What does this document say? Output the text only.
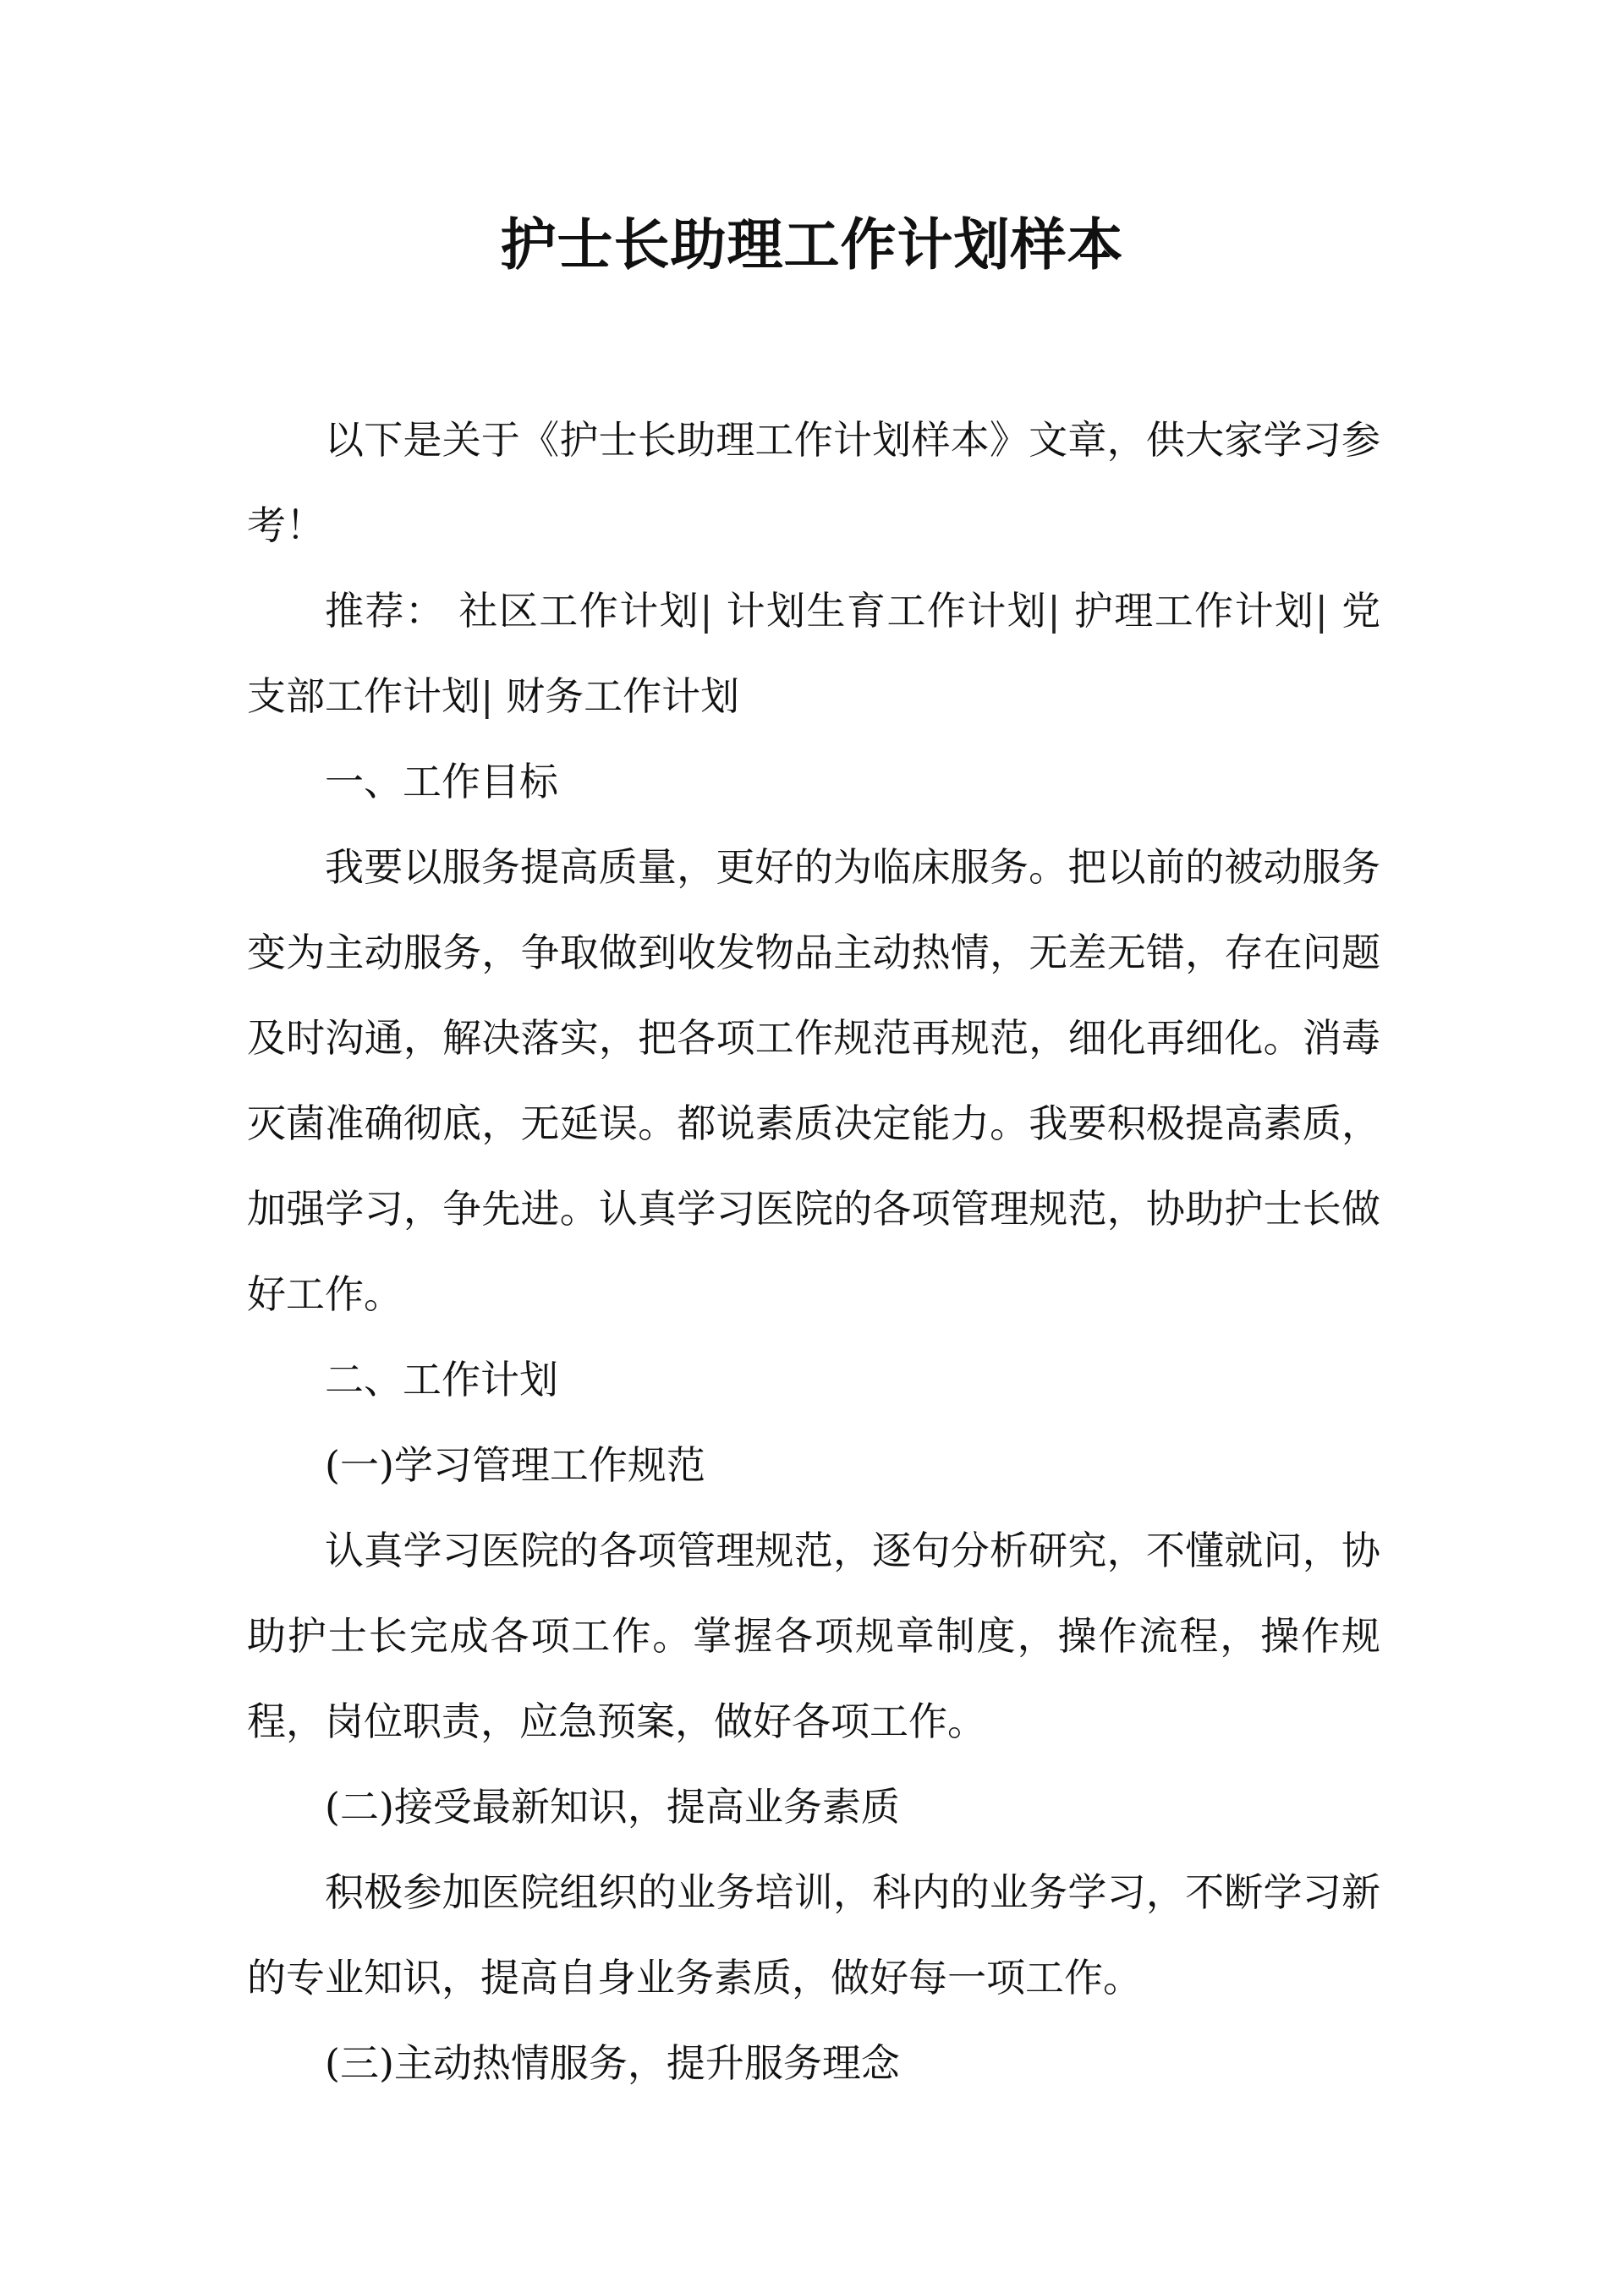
护士长助理工作计划样本

以下是关于《护士长助理工作计划样本》文章，供大家学习参考！

推荐： 社区工作计划| 计划生育工作计划| 护理工作计划| 党支部工作计划| 财务工作计划

一、工作目标

我要以服务提高质量，更好的为临床服务。把以前的被动服务变为主动服务，争取做到收发物品主动热情，无差无错，存在问题及时沟通，解决落实，把各项工作规范再规范，细化再细化。消毒灭菌准确彻底，无延误。都说素质决定能力。我要积极提高素质，加强学习，争先进。认真学习医院的各项管理规范，协助护士长做好工作。

二、工作计划

(一)学习管理工作规范

认真学习医院的各项管理规范，逐句分析研究，不懂就问，协助护士长完成各项工作。掌握各项规章制度，操作流程，操作规程，岗位职责，应急预案，做好各项工作。

(二)接受最新知识，提高业务素质

积极参加医院组织的业务培训，科内的业务学习，不断学习新的专业知识，提高自身业务素质，做好每一项工作。

(三)主动热情服务，提升服务理念
